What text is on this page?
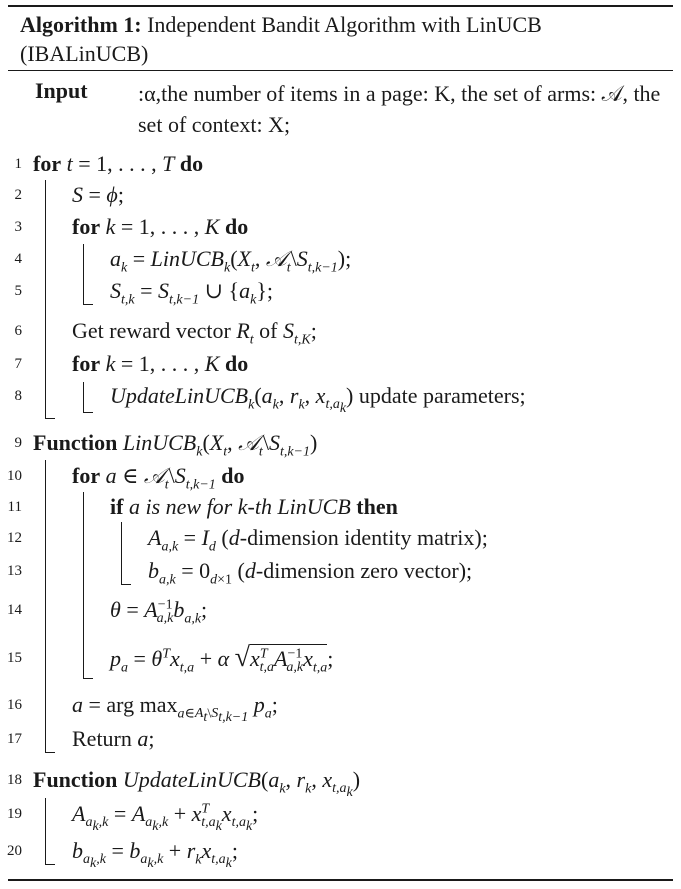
Algorithm 1: Independent Bandit Algorithm with LinUCB (IBALinUCB)
Input :α,the number of items in a page: K, the set of arms: 𝒜, the set of context: X;
1 for t = 1, . . . , T do
2 S = ϕ;
3 for k = 1, . . . , K do
4	$a_k$ = $LinUCB_k(X_t$, $𝒜_t\backslash S_{t,k-1}$);
5	$S_{t,k} = S_{t,k-1}$ ∪ $\{a_k\}$;
6 Get reward vector $R_t$ of $S_{t,K}$;
7 for k = 1, . . . , K do
8	$UpdateLinUCB_k(a_k$, $r_k$, $x_{t,a_k}$) update parameters;
9 Function $LinUCB_k(X_t$, $𝒜_t\backslash S_{t,k-1}$)
10 for a ∈ $𝒜_t\backslash S_{t,k-1}$ do
11	if a is new for k-th LinUCB then
12	$A_{a,k} = I_d$ (d-dimension identity matrix);
13	$b_{a,k} = 0_{d\times 1}$ (d-dimension zero vector);
14	$\theta = A^{-1}_{a,k}b_{a,k}$;
15	$p_a = \theta^Tx_{t,a} + \alpha$ $√x^T_{t,a}A^{-1}_{a,k}x_{t,a}$;
16 a = arg $\max_{a\in A_t\backslash S_{t,k-1}} p_a$;
17 Return a;
18 Function $UpdateLinUCB(a_k$, $r_k$, $x_{t,a_k}$)
19 $A_{a_k,k} = A_{a_k,k} + x^T_{t,a_k}x_{t,a_k}$;
20 $b_{a_k,k} = b_{a_k,k} + r_kx_{t,a_k}$;
